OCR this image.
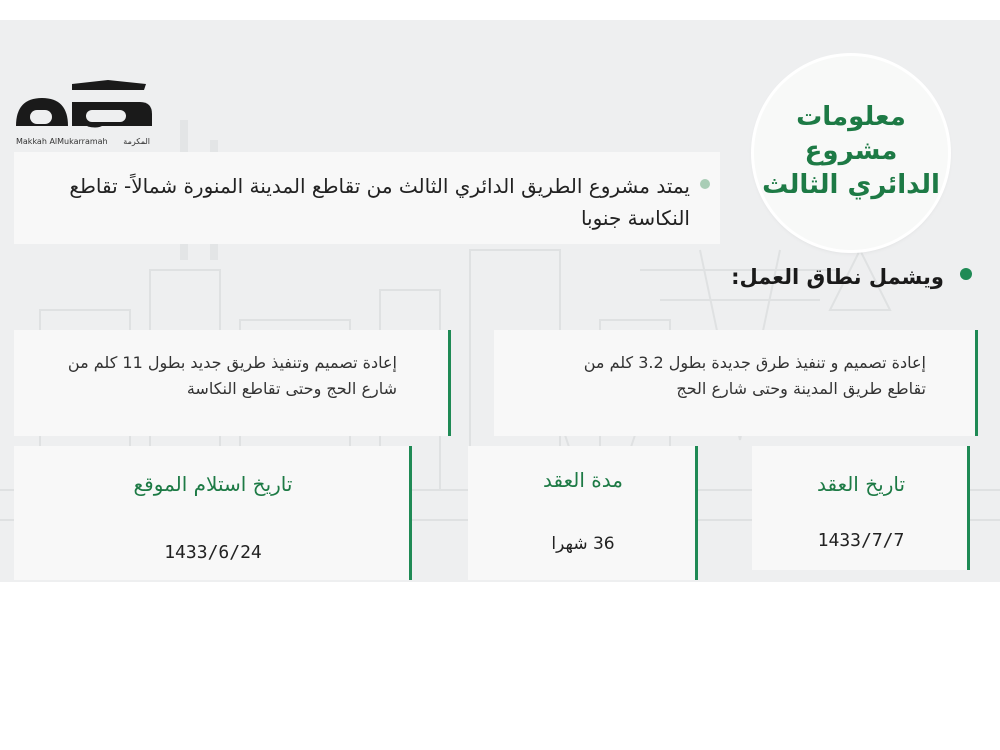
Makkah AlMukarramah المكرمة
معلومات مشروع الدائري الثالث
يمتد مشروع الطريق الدائري الثالث من تقاطع المدينة المنورة شمالاً- تقاطع النكاسة جنوبا
ويشمل نطاق العمل:
إعادة تصميم و تنفيذ طرق جديدة بطول 3.2 كلم من تقاطع طريق المدينة وحتى شارع الحج
إعادة تصميم وتنفيذ طريق جديد بطول 11 كلم من شارع الحج وحتى تقاطع النكاسة
تاريخ العقد
1433/7/7
مدة العقد
36 شهرا
تاريخ استلام الموقع
1433/6/24
